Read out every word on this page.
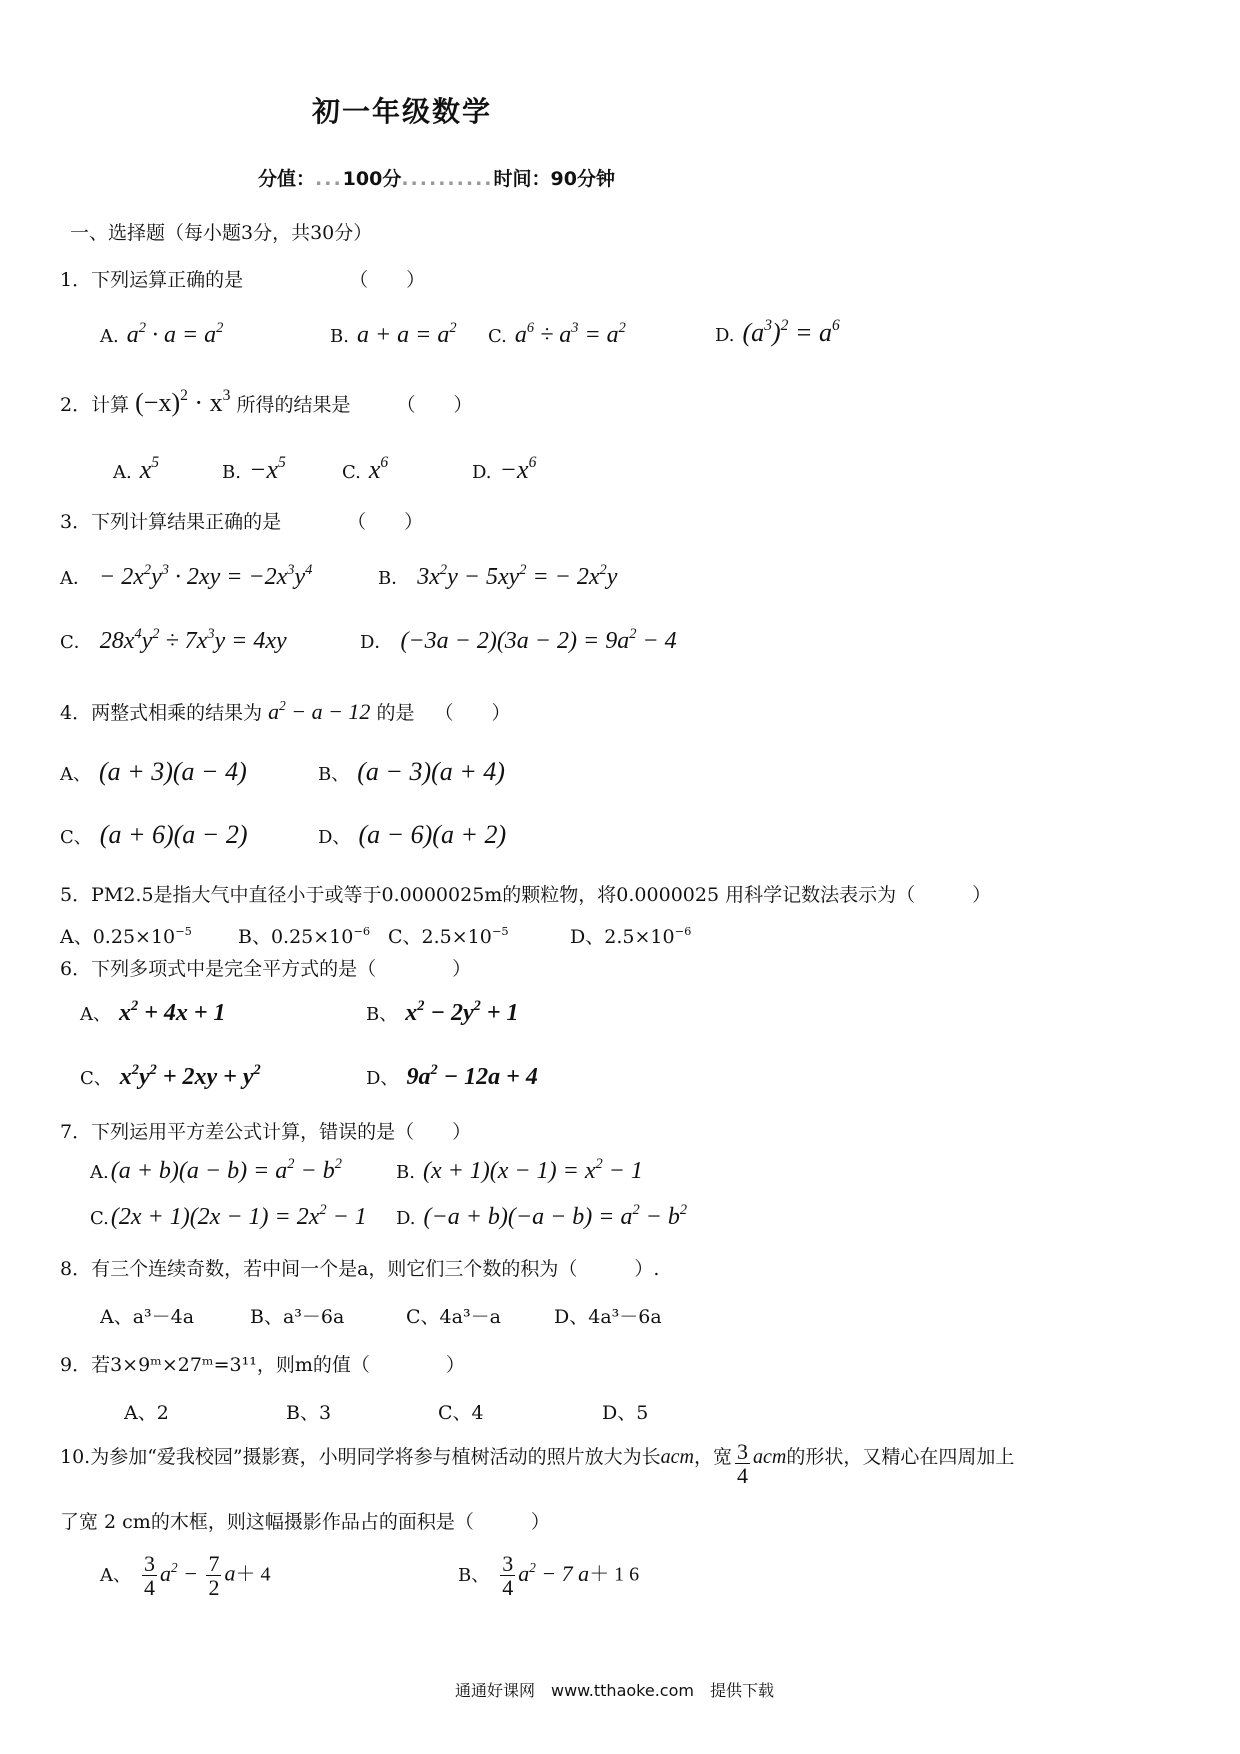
初一年级数学
分值：...100分..........时间：90分钟
一、选择题（每小题3分，共30分）
1．下列运算正确的是	（　　）
A. $a^2 \cdot a = a^2$	B. $a + a = a^2$ C. $a^6 \div a^3 = a^2$	D. $(a^3)^2 = a^6$
2．计算 $(-x)^2 \cdot x^3$ 所得的结果是 （　　）
A. $x^5$	B. $-x^5$	C. $x^6$	D. $-x^6$
3．下列计算结果正确的是	（　　）
A． − $2x^2y^3 \cdot 2xy = -2x^3y^4$	B． $3x^2y - 5xy^2$ = − $2x^2y$
C． $28x^4y^2 \div 7x^3y = 4xy$	D． $(-3a - 2)(3a - 2) = 9a^2 - 4$
4．两整式相乘的结果为 $a^2 - a - 12$ 的是 （　　）
A、 (a + 3)(a − 4)	B、 (a − 3)(a + 4)
C、 (a + 6)(a − 2)	D、 (a − 6)(a + 2)
5．PM2.5是指大气中直径小于或等于0.0000025m的颗粒物，将0.0000025 用科学记数法表示为（　　　）
A、$0.25\times 10^{-5}$ B、$0.25\times 10^{-6}$ C、$2.5\times 10^{-5}$	D、$2.5\times 10^{-6}$
6．下列多项式中是完全平方式的是（　　　　）
A、 $x^2 + 4x + 1$	B、 $x^2 - 2y^2 + 1$
C、 $x^2y^2 + 2xy + y^2$	D、 $9a^2 - 12a + 4$
7．下列运用平方差公式计算，错误的是（　　）
$A.(a + b)(a - b) = a^2 - b^2$	B. $(x + 1)(x - 1) = x^2 - 1$
$C.(2x + 1)(2x - 1) = 2x^2 - 1$ D. $(-a + b)(-a - b) = a^2 - b^2$
8．有三个连续奇数，若中间一个是a，则它们三个数的积为（　　　）.
A、a³－4a	B、a³－6a	C、4a³－a	D、4a³－6a
9．若3×9ᵐ×27ᵐ=3¹¹，则m的值（　　　　）
A、2	B、3	C、4	D、5
10.为参加“爱我校园”摄影赛，小明同学将参与植树活动的照片放大为长acm，宽 $\frac{3}{4}$ acm的形状，又精心在四周加上
了宽 2 cm的木框，则这幅摄影作品占的面积是（　　　）
A、 $\frac{3}{4} a^2 - \frac{7}{2} a+ 4$	B、 $\frac{3}{4} a^2 - 7$ a＋ 1 6
通通好课网　www.tthaoke.com　提供下载
